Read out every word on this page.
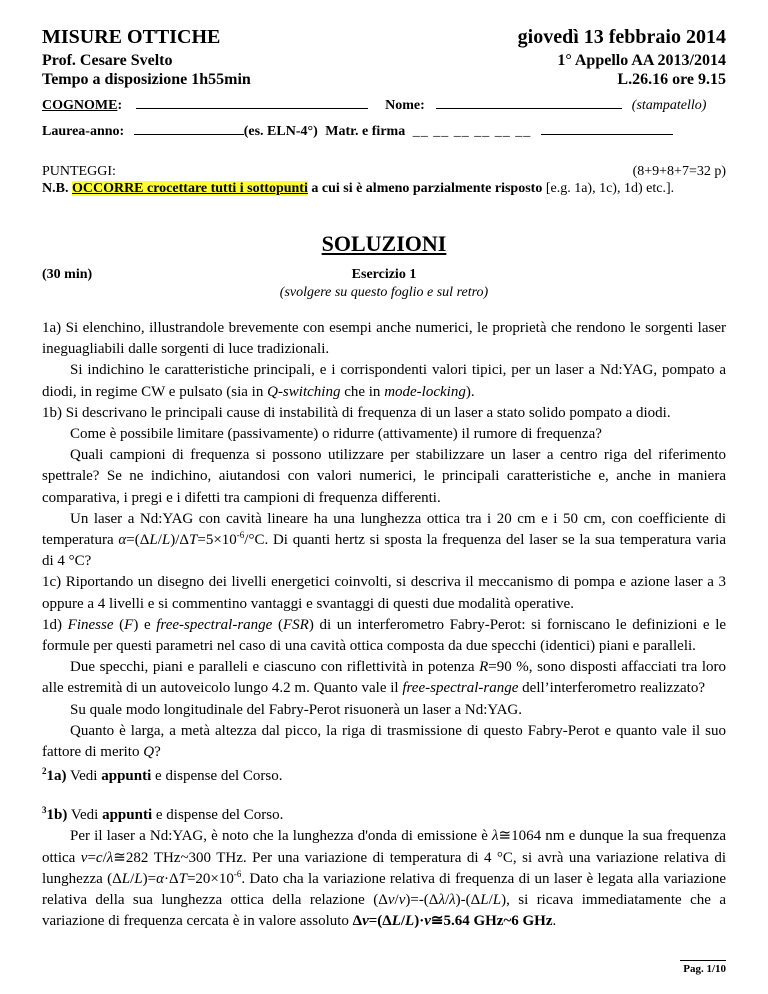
MISURE OTTICHE	giovedì 13 febbraio 2014
Prof. Cesare Svelto	1° Appello AA 2013/2014
Tempo a disposizione 1h55min	L.26.16 ore 9.15
COGNOME:	Nome:	(stampatello)
Laurea-anno:	(es. ELN-4°) Matr. e firma __ __ __ __ __ __
PUNTEGGI:	(8+9+8+7=32 p)
N.B. OCCORRE crocettare tutti i sottopunti a cui si è almeno parzialmente risposto [e.g. 1a), 1c), 1d) etc.].
SOLUZIONI
(30 min)	Esercizio 1
(svolgere su questo foglio e sul retro)

1a) Si elenchino, illustrandole brevemente con esempi anche numerici, le proprietà che rendono le sorgenti laser ineguagliabili dalle sorgenti di luce tradizionali.

Si indichino le caratteristiche principali, e i corrispondenti valori tipici, per un laser a Nd:YAG, pompato a diodi, in regime CW e pulsato (sia in Q-switching che in mode-locking).

1b) Si descrivano le principali cause di instabilità di frequenza di un laser a stato solido pompato a diodi.

Come è possibile limitare (passivamente) o ridurre (attivamente) il rumore di frequenza?

Quali campioni di frequenza si possono utilizzare per stabilizzare un laser a centro riga del riferimento spettrale? Se ne indichino, aiutandosi con valori numerici, le principali caratteristiche e, anche in maniera comparativa, i pregi e i difetti tra campioni di frequenza differenti.

Un laser a Nd:YAG con cavità lineare ha una lunghezza ottica tra i 20 cm e i 50 cm, con coefficiente di temperatura $\alpha=(\Delta L/L)/\Delta T=5\times 10^{-6}/^\circ C$. Di quanti hertz si sposta la frequenza del laser se la sua temperatura varia di 4 °C?

1c) Riportando un disegno dei livelli energetici coinvolti, si descriva il meccanismo di pompa e azione laser a 3 oppure a 4 livelli e si commentino vantaggi e svantaggi di questi due modalità operative.

1d) Finesse (F) e free-spectral-range (FSR) di un interferometro Fabry-Perot: si forniscano le definizioni e le formule per questi parametri nel caso di una cavità ottica composta da due specchi (identici) piani e paralleli.

Due specchi, piani e paralleli e ciascuno con riflettività in potenza R=90 %, sono disposti affacciati tra loro alle estremità di un autoveicolo lungo 4.2 m. Quanto vale il free-spectral-range dell’interferometro realizzato?

Su quale modo longitudinale del Fabry-Perot risuonerà un laser a Nd:YAG.

Quanto è larga, a metà altezza dal picco, la riga di trasmissione di questo Fabry-Perot e quanto vale il suo fattore di merito Q?

$^2$1a) Vedi appunti e dispense del Corso.

$^3$1b) Vedi appunti e dispense del Corso.

Per il laser a Nd:YAG, è noto che la lunghezza d'onda di emissione è λ≅1064 nm e dunque la sua frequenza ottica ν=c/λ≅282 THz~300 THz. Per una variazione di temperatura di 4 °C, si avrà una variazione relativa di lunghezza $(\Delta L/L)=\alpha\cdot\Delta T=20\times 10^{-6}$. Dato cha la variazione relativa di frequenza di un laser è legata alla variazione relativa della sua lunghezza ottica della relazione (Δν/ν)=-(Δλ/λ)-(ΔL/L), si ricava immediatamente che a variazione di frequenza cercata è in valore assoluto Δν=(ΔL/L)·ν≅5.64 GHz~6 GHz.

Pag. 1/10
